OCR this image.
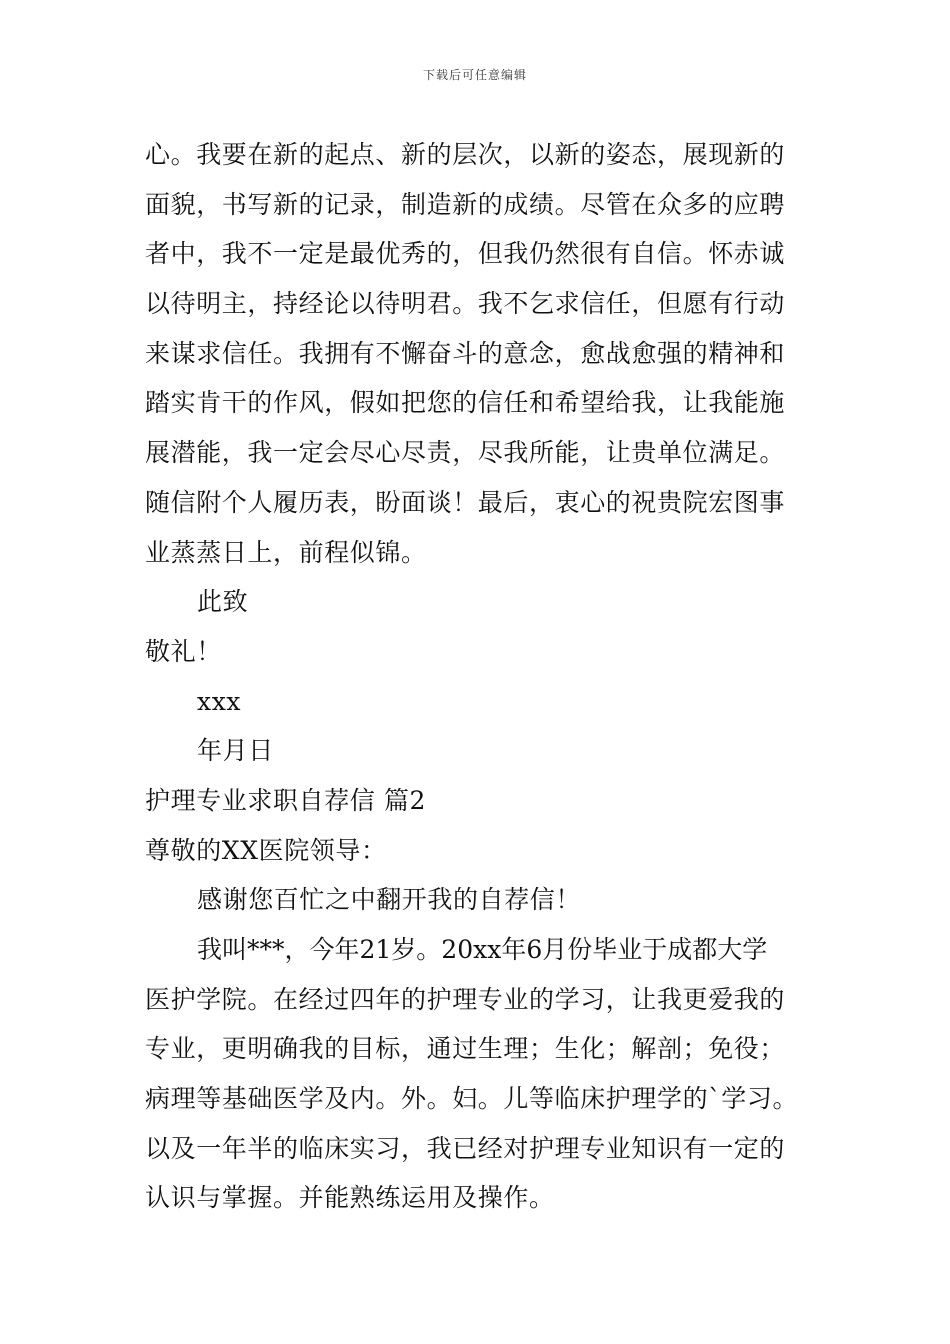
下载后可任意编辑
心。我要在新的起点、新的层次，以新的姿态，展现新的
面貌，书写新的记录，制造新的成绩。尽管在众多的应聘
者中，我不一定是最优秀的，但我仍然很有自信。怀赤诚
以待明主，持经论以待明君。我不乞求信任，但愿有行动
来谋求信任。我拥有不懈奋斗的意念，愈战愈强的精神和
踏实肯干的作风，假如把您的信任和希望给我，让我能施
展潜能，我一定会尽心尽责，尽我所能，让贵单位满足。
随信附个人履历表，盼面谈！最后，衷心的祝贵院宏图事
业蒸蒸日上，前程似锦。
此致
敬礼！
xxx
年月日
护理专业求职自荐信 篇2
尊敬的XX医院领导：
感谢您百忙之中翻开我的自荐信！
我叫***，今年21岁。20xx年6月份毕业于成都大学
医护学院。在经过四年的护理专业的学习，让我更爱我的
专业，更明确我的目标，通过生理；生化；解剖；免役；
病理等基础医学及内。外。妇。儿等临床护理学的`学习。
以及一年半的临床实习，我已经对护理专业知识有一定的
认识与掌握。并能熟练运用及操作。
